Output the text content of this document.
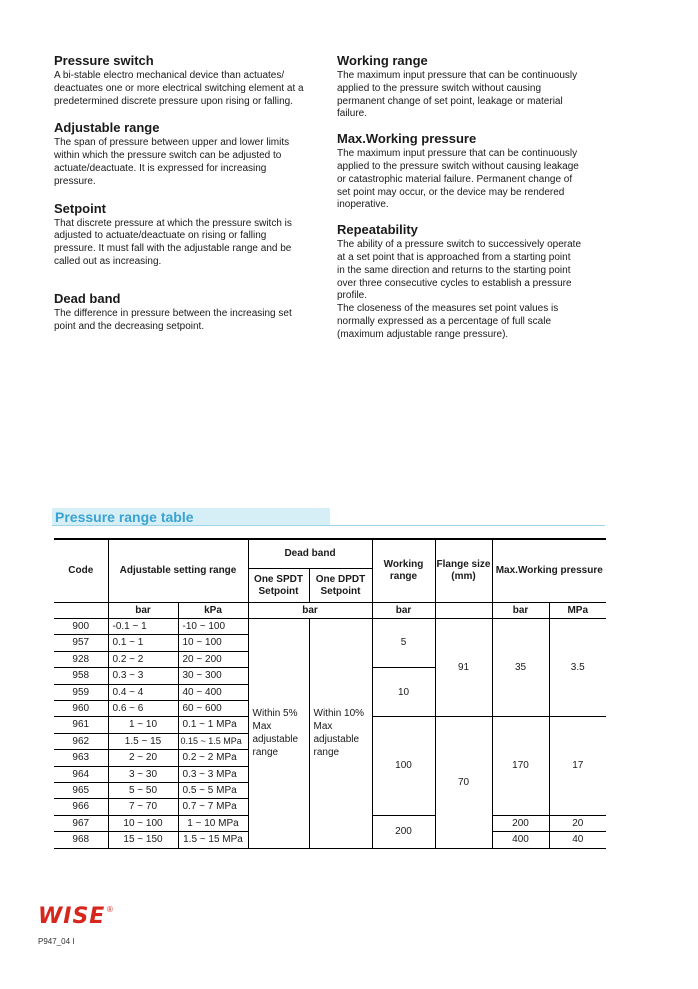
Pressure switch

A bi-stable electro mechanical device than actuates/
deactuates one or more electrical switching element at a
predetermined discrete pressure upon rising or falling.

Adjustable range

The span of pressure between upper and lower limits
within which the pressure switch can be adjusted to
actuate/deactuate. It is expressed for increasing
pressure.

Setpoint

That discrete pressure at which the pressure switch is
adjusted to actuate/deactuate on rising or falling
pressure. It must fall with the adjustable range and be
called out as increasing.

Dead band

The difference in pressure between the increasing set
point and the decreasing setpoint.

Working range

The maximum input pressure that can be continuously
applied to the pressure switch without causing
permanent change of set point, leakage or material
failure.

Max.Working pressure

The maximum input pressure that can be continuously
applied to the pressure switch without causing leakage
or catastrophic material failure. Permanent change of
set point may occur, or the device may be rendered
inoperative.

Repeatability

The ability of a pressure switch to successively operate
at a set point that is approached from a starting point
in the same direction and returns to the starting point
over three consecutive cycles to establish a pressure
profile.
The closeness of the measures set point values is
normally expressed as a percentage of full scale
(maximum adjustable range pressure).

Pressure range table
Code	Adjustable setting range		Dead band		Working range	Flange size (mm)	Max.Working pressure	
			One SPDT Setpoint	One DPDT Setpoint				
	bar	kPa	bar		bar		bar	MPa
900	-0.1 ~ 1	-10 ~ 100	Within 5% Max adjustable range	Within 10% Max adjustable range	5	91	35	3.5
957	0.1 ~ 1	10 ~ 100						
928	0.2 ~ 2	20 ~ 200						
958	0.3 ~ 3	30 ~ 300			10			
959	0.4 ~ 4	40 ~ 400						
960	0.6 ~ 6	60 ~ 600						
961	1 ~ 10	0.1 ~ 1 MPa			100	70	170	17
962	1.5 ~ 15	0.15 ~ 1.5 MPa						
963	2 ~ 20	0.2 ~ 2 MPa						
964	3 ~ 30	0.3 ~ 3 MPa						
965	5 ~ 50	0.5 ~ 5 MPa						
966	7 ~ 70	0.7 ~ 7 MPa						
967	10 ~ 100	1 ~ 10 MPa			200		200	20
968	15 ~ 150	1.5 ~ 15 MPa					400	40
WISE ®
P947_04 I
